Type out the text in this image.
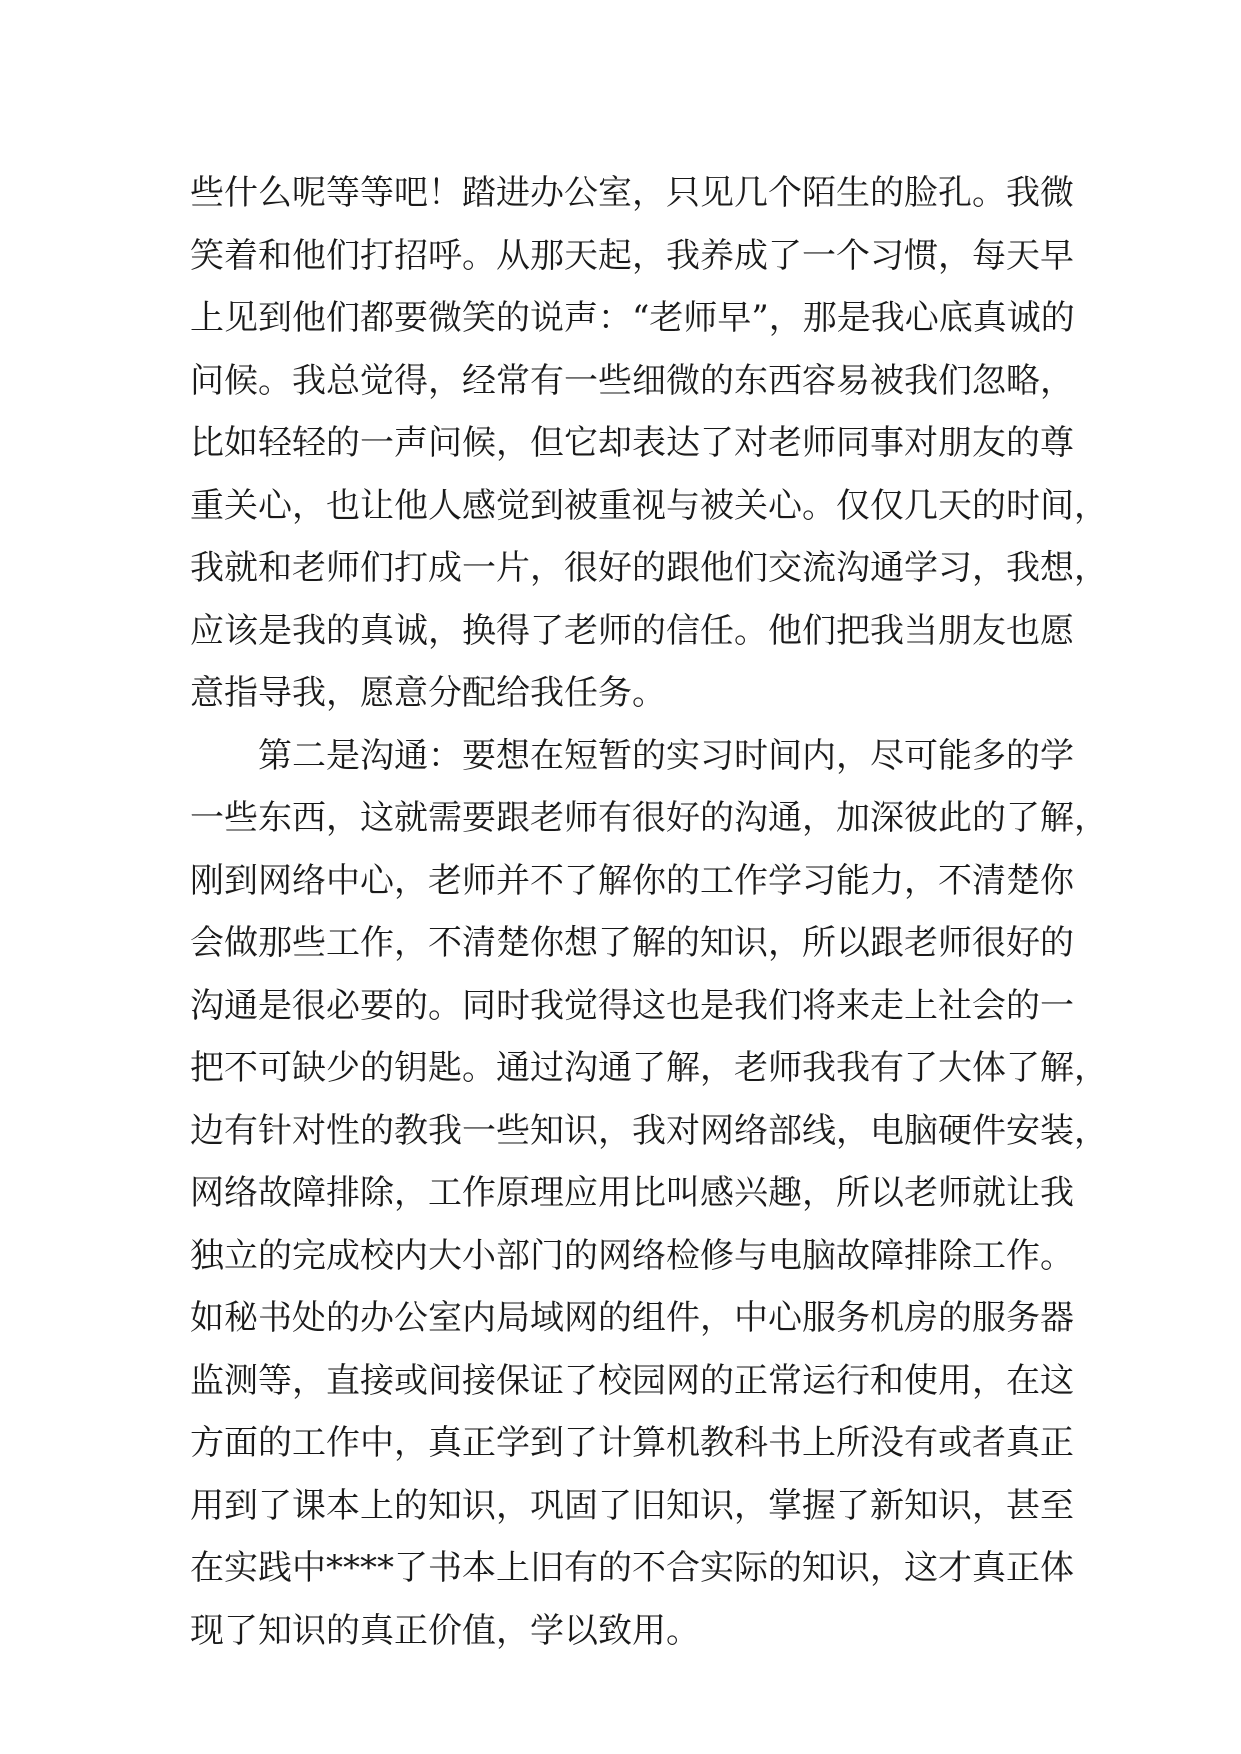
些什么呢等等吧！踏进办公室，只见几个陌生的脸孔。我微
笑着和他们打招呼。从那天起，我养成了一个习惯，每天早
上见到他们都要微笑的说声：“老师早”，那是我心底真诚的
问候。我总觉得，经常有一些细微的东西容易被我们忽略，
比如轻轻的一声问候，但它却表达了对老师同事对朋友的尊
重关心，也让他人感觉到被重视与被关心。仅仅几天的时间，
我就和老师们打成一片，很好的跟他们交流沟通学习，我想，
应该是我的真诚，换得了老师的信任。他们把我当朋友也愿
意指导我，愿意分配给我任务。
第二是沟通：要想在短暂的实习时间内，尽可能多的学
一些东西，这就需要跟老师有很好的沟通，加深彼此的了解，
刚到网络中心，老师并不了解你的工作学习能力，不清楚你
会做那些工作，不清楚你想了解的知识，所以跟老师很好的
沟通是很必要的。同时我觉得这也是我们将来走上社会的一
把不可缺少的钥匙。通过沟通了解，老师我我有了大体了解，
边有针对性的教我一些知识，我对网络部线，电脑硬件安装，
网络故障排除，工作原理应用比叫感兴趣，所以老师就让我
独立的完成校内大小部门的网络检修与电脑故障排除工作。
如秘书处的办公室内局域网的组件，中心服务机房的服务器
监测等，直接或间接保证了校园网的正常运行和使用，在这
方面的工作中，真正学到了计算机教科书上所没有或者真正
用到了课本上的知识，巩固了旧知识，掌握了新知识，甚至
在实践中****了书本上旧有的不合实际的知识，这才真正体
现了知识的真正价值，学以致用。
